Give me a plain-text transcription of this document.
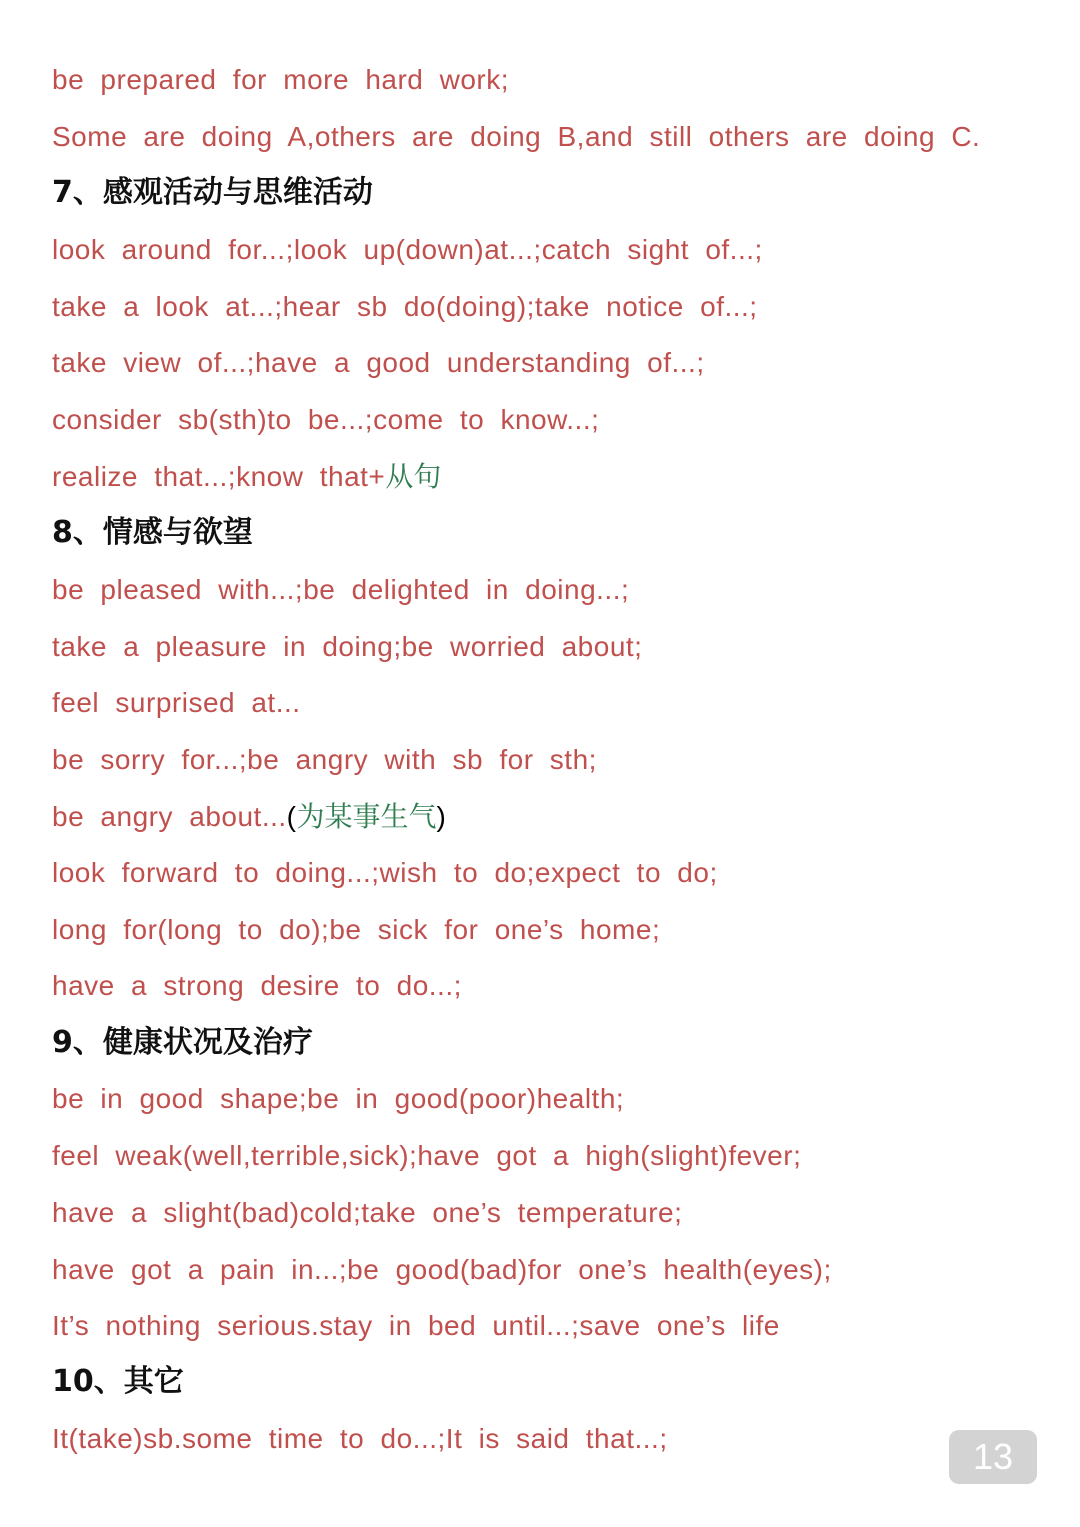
be prepared for more hard work;
Some are doing A,others are doing B,and still others are doing C.
7、感观活动与思维活动
look around for...;look up(down)at...;catch sight of...;
take a look at...;hear sb do(doing);take notice of...;
take view of...;have a good understanding of...;
consider sb(sth)to be...;come to know...;
realize that...;know that+从句
8、情感与欲望
be pleased with...;be delighted in doing...;
take a pleasure in doing;be worried about;
feel surprised at...
be sorry for...;be angry with sb for sth;
be angry about...(为某事生气)
look forward to doing...;wish to do;expect to do;
long for(long to do);be sick for one’s home;
have a strong desire to do...;
9、健康状况及治疗
be in good shape;be in good(poor)health;
feel weak(well,terrible,sick);have got a high(slight)fever;
have a slight(bad)cold;take one’s temperature;
have got a pain in...;be good(bad)for one’s health(eyes);
It’s nothing serious.stay in bed until...;save one’s life
10、其它
It(take)sb.some time to do...;It is said that...;	13
